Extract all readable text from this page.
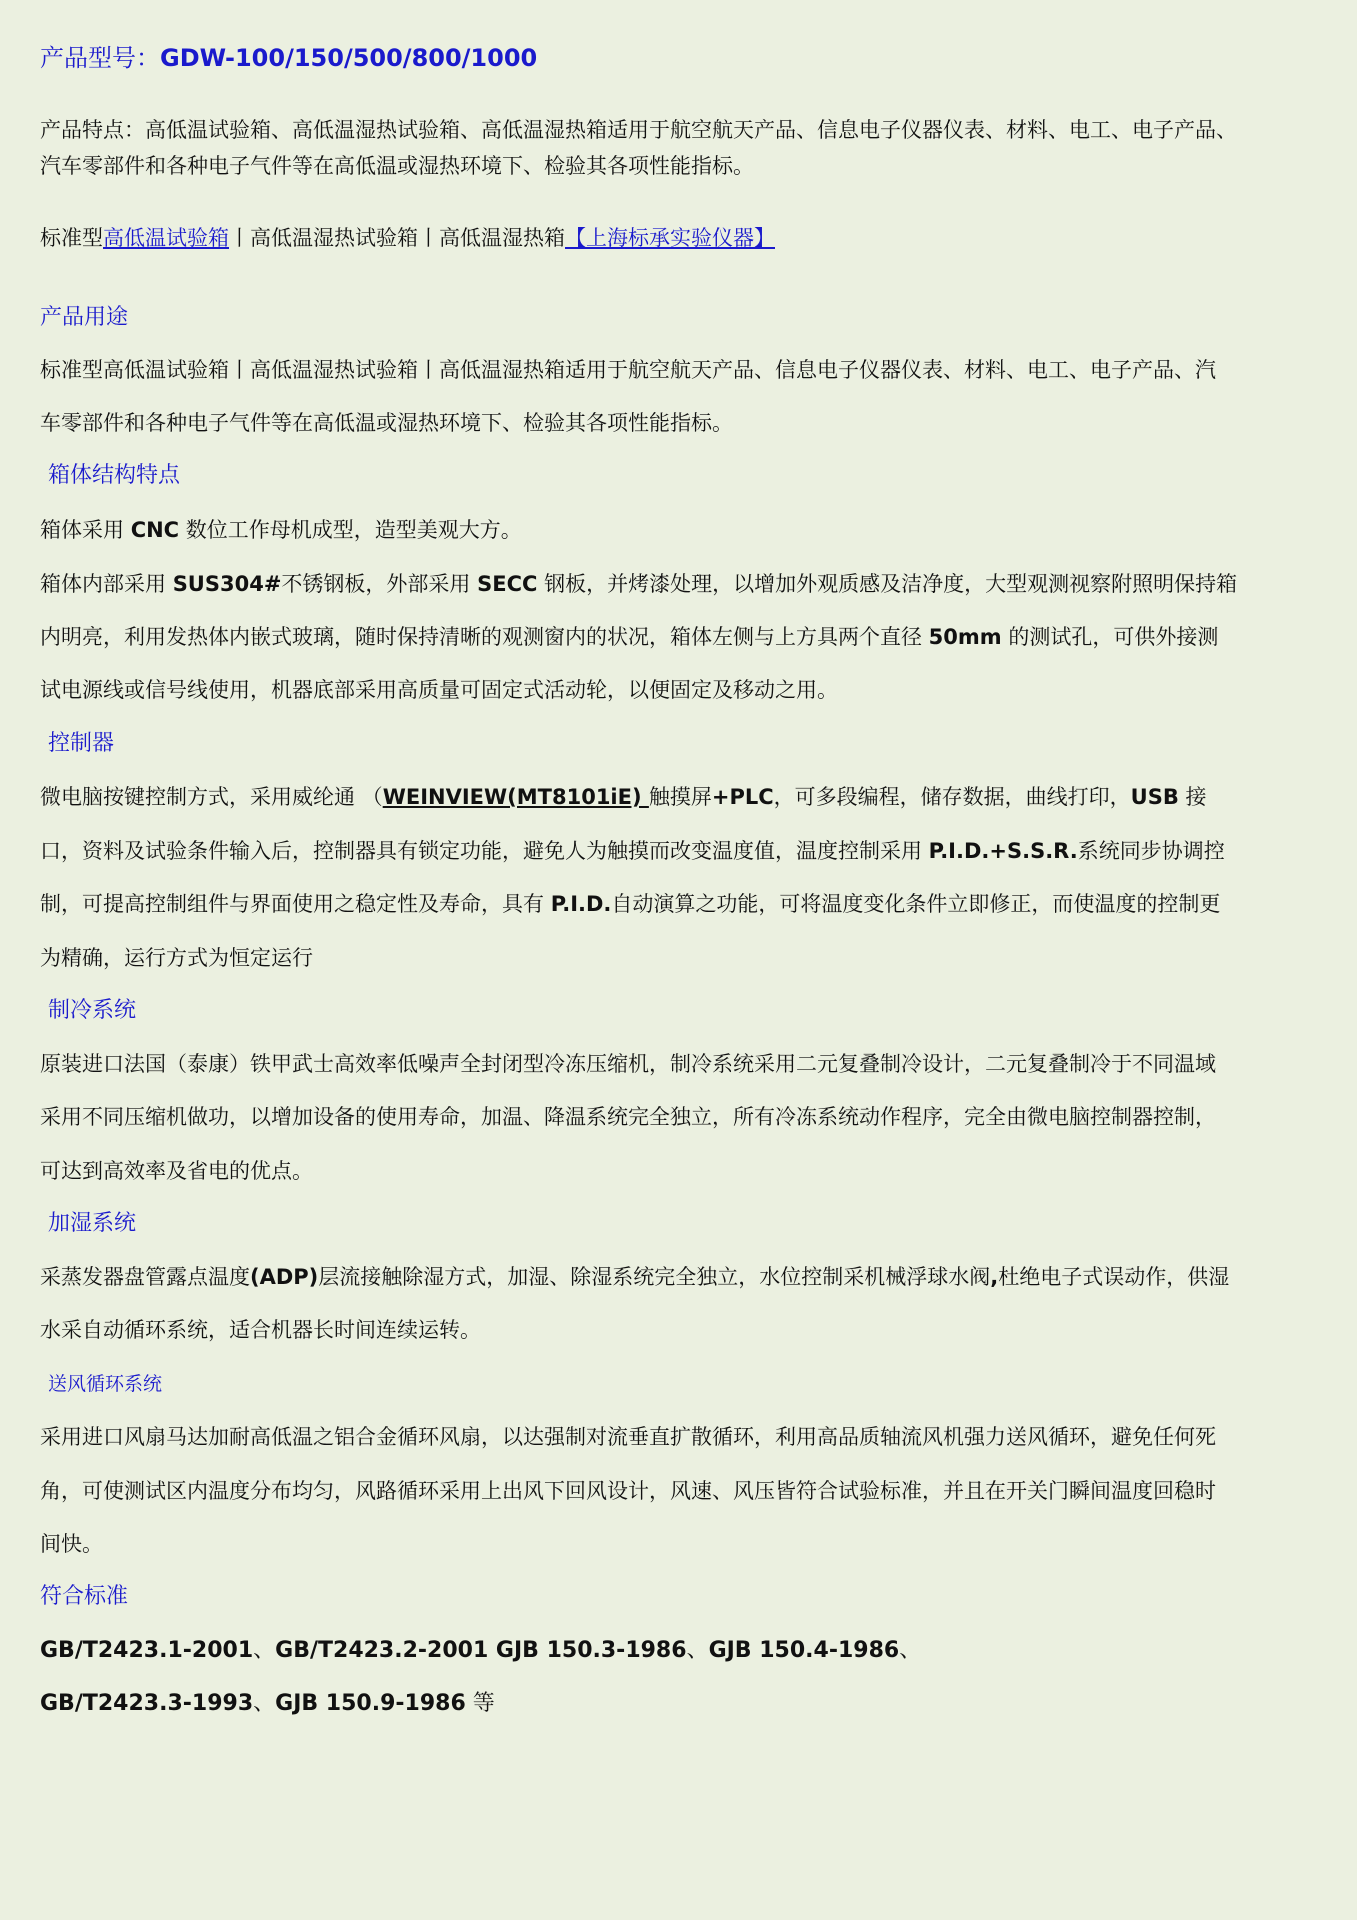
产品型号：GDW-100/150/500/800/1000
产品特点：高低温试验箱、高低温湿热试验箱、高低温湿热箱适用于航空航天产品、信息电子仪器仪表、材料、电工、电子产品、
汽车零部件和各种电子气件等在高低温或湿热环境下、检验其各项性能指标。
标准型高低温试验箱丨高低温湿热试验箱丨高低温湿热箱【上海标承实验仪器】
产品用途
标准型高低温试验箱丨高低温湿热试验箱丨高低温湿热箱适用于航空航天产品、信息电子仪器仪表、材料、电工、电子产品、汽
车零部件和各种电子气件等在高低温或湿热环境下、检验其各项性能指标。
箱体结构特点
箱体采用 CNC 数位工作母机成型，造型美观大方。
箱体内部采用 SUS304#不锈钢板，外部采用 SECC 钢板，并烤漆处理，以增加外观质感及洁净度，大型观测视察附照明保持箱
内明亮，利用发热体内嵌式玻璃，随时保持清晰的观测窗内的状况，箱体左侧与上方具两个直径 50mm 的测试孔，可供外接测
试电源线或信号线使用，机器底部采用高质量可固定式活动轮，以便固定及移动之用。
控制器
微电脑按键控制方式，采用威纶通 （WEINVIEW(MT8101iE) 触摸屏+PLC，可多段编程，储存数据，曲线打印，USB 接
口，资料及试验条件输入后，控制器具有锁定功能，避免人为触摸而改变温度值，温度控制采用 P.I.D.+S.S.R.系统同步协调控
制，可提高控制组件与界面使用之稳定性及寿命，具有 P.I.D.自动演算之功能，可将温度变化条件立即修正，而使温度的控制更
为精确，运行方式为恒定运行
制冷系统
原装进口法国（泰康）铁甲武士高效率低噪声全封闭型冷冻压缩机，制冷系统采用二元复叠制冷设计，二元复叠制冷于不同温域
采用不同压缩机做功，以增加设备的使用寿命，加温、降温系统完全独立，所有冷冻系统动作程序，完全由微电脑控制器控制，
可达到高效率及省电的优点。
加湿系统
采蒸发器盘管露点温度(ADP)层流接触除湿方式，加湿、除湿系统完全独立，水位控制采机械浮球水阀,杜绝电子式误动作，供湿
水采自动循环系统，适合机器长时间连续运转。
送风循环系统
采用进口风扇马达加耐高低温之铝合金循环风扇，以达强制对流垂直扩散循环，利用高品质轴流风机强力送风循环，避免任何死
角，可使测试区内温度分布均匀，风路循环采用上出风下回风设计，风速、风压皆符合试验标准，并且在开关门瞬间温度回稳时
间快。
符合标准
GB/T2423.1-2001、GB/T2423.2-2001 GJB 150.3-1986、GJB 150.4-1986、
GB/T2423.3-1993、GJB 150.9-1986 等
